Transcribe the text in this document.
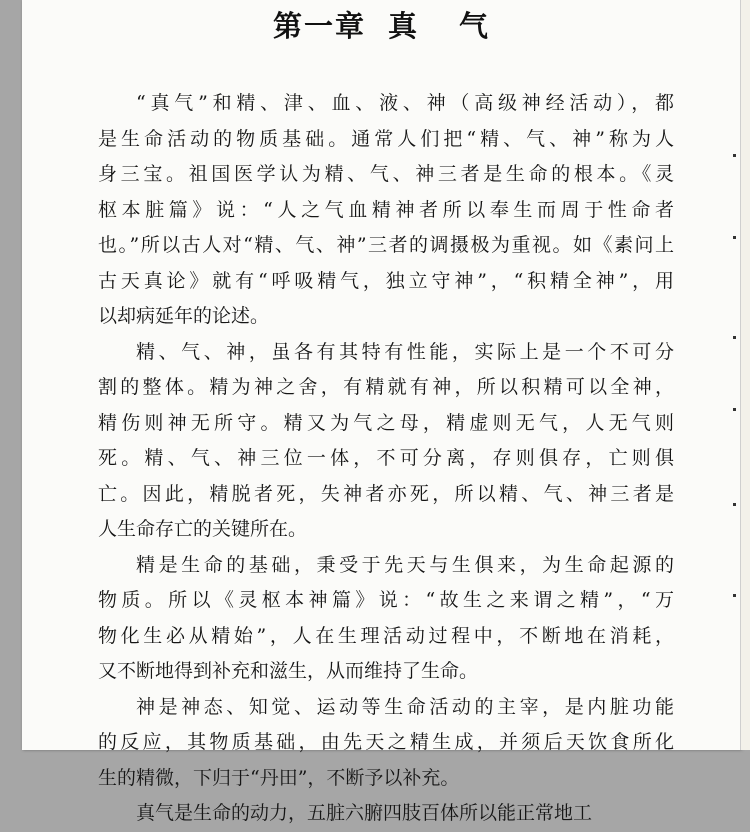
第一章 真 气

“真气”和精、津、血、液、神（高级神经活动），都
是生命活动的物质基础。通常人们把“精、气、神”称为人
身三宝。祖国医学认为精、气、神三者是生命的根本。《灵
枢本脏篇》说：“人之气血精神者所以奉生而周于性命者
也。”所以古人对“精、气、神”三者的调摄极为重视。如《素问上
古天真论》就有“呼吸精气，独立守神”，“积精全神”，用
以却病延年的论述。

精、气、神，虽各有其特有性能，实际上是一个不可分
割的整体。精为神之舍，有精就有神，所以积精可以全神，
精伤则神无所守。精又为气之母，精虚则无气，人无气则
死。精、气、神三位一体，不可分离，存则俱存，亡则俱
亡。因此，精脱者死，失神者亦死，所以精、气、神三者是
人生命存亡的关键所在。

精是生命的基础，秉受于先天与生俱来，为生命起源的
物质。所以《灵枢本神篇》说：“故生之来谓之精”，“万
物化生必从精始”，人在生理活动过程中，不断地在消耗，
又不断地得到补充和滋生，从而维持了生命。

神是神态、知觉、运动等生命活动的主宰，是内脏功能
的反应，其物质基础，由先天之精生成，并须后天饮食所化
生的精微，下归于“丹田”，不断予以补充。

真气是生命的动力，五脏六腑四肢百体所以能正常地工
